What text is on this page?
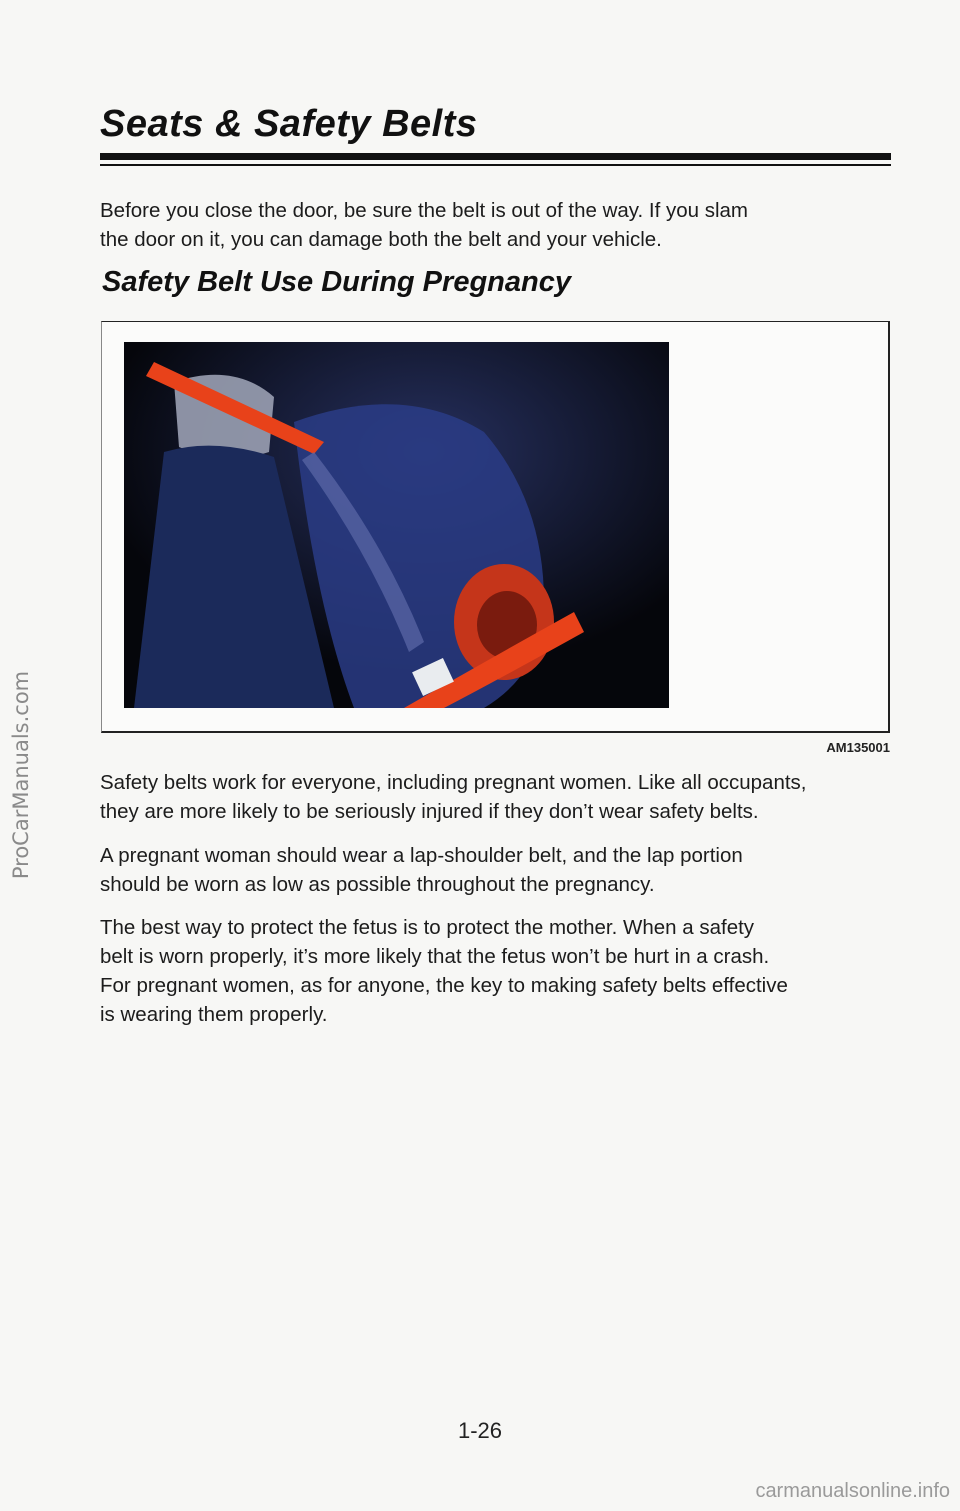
ProCarManuals.com
Seats & Safety Belts

Before you close the door, be sure the belt is out of the way. If you slam
the door on it, you can damage both the belt and your vehicle.

Safety Belt Use During Pregnancy
AM135001

Safety belts work for everyone, including pregnant women. Like all occupants,
they are more likely to be seriously injured if they don’t wear safety belts.

A pregnant woman should wear a lap-shoulder belt, and the lap portion
should be worn as low as possible throughout the pregnancy.

The best way to protect the fetus is to protect the mother. When a safety
belt is worn properly, it’s more likely that the fetus won’t be hurt in a crash.
For pregnant women, as for anyone, the key to making safety belts effective
is wearing them properly.

1-26
carmanualsonline.info
